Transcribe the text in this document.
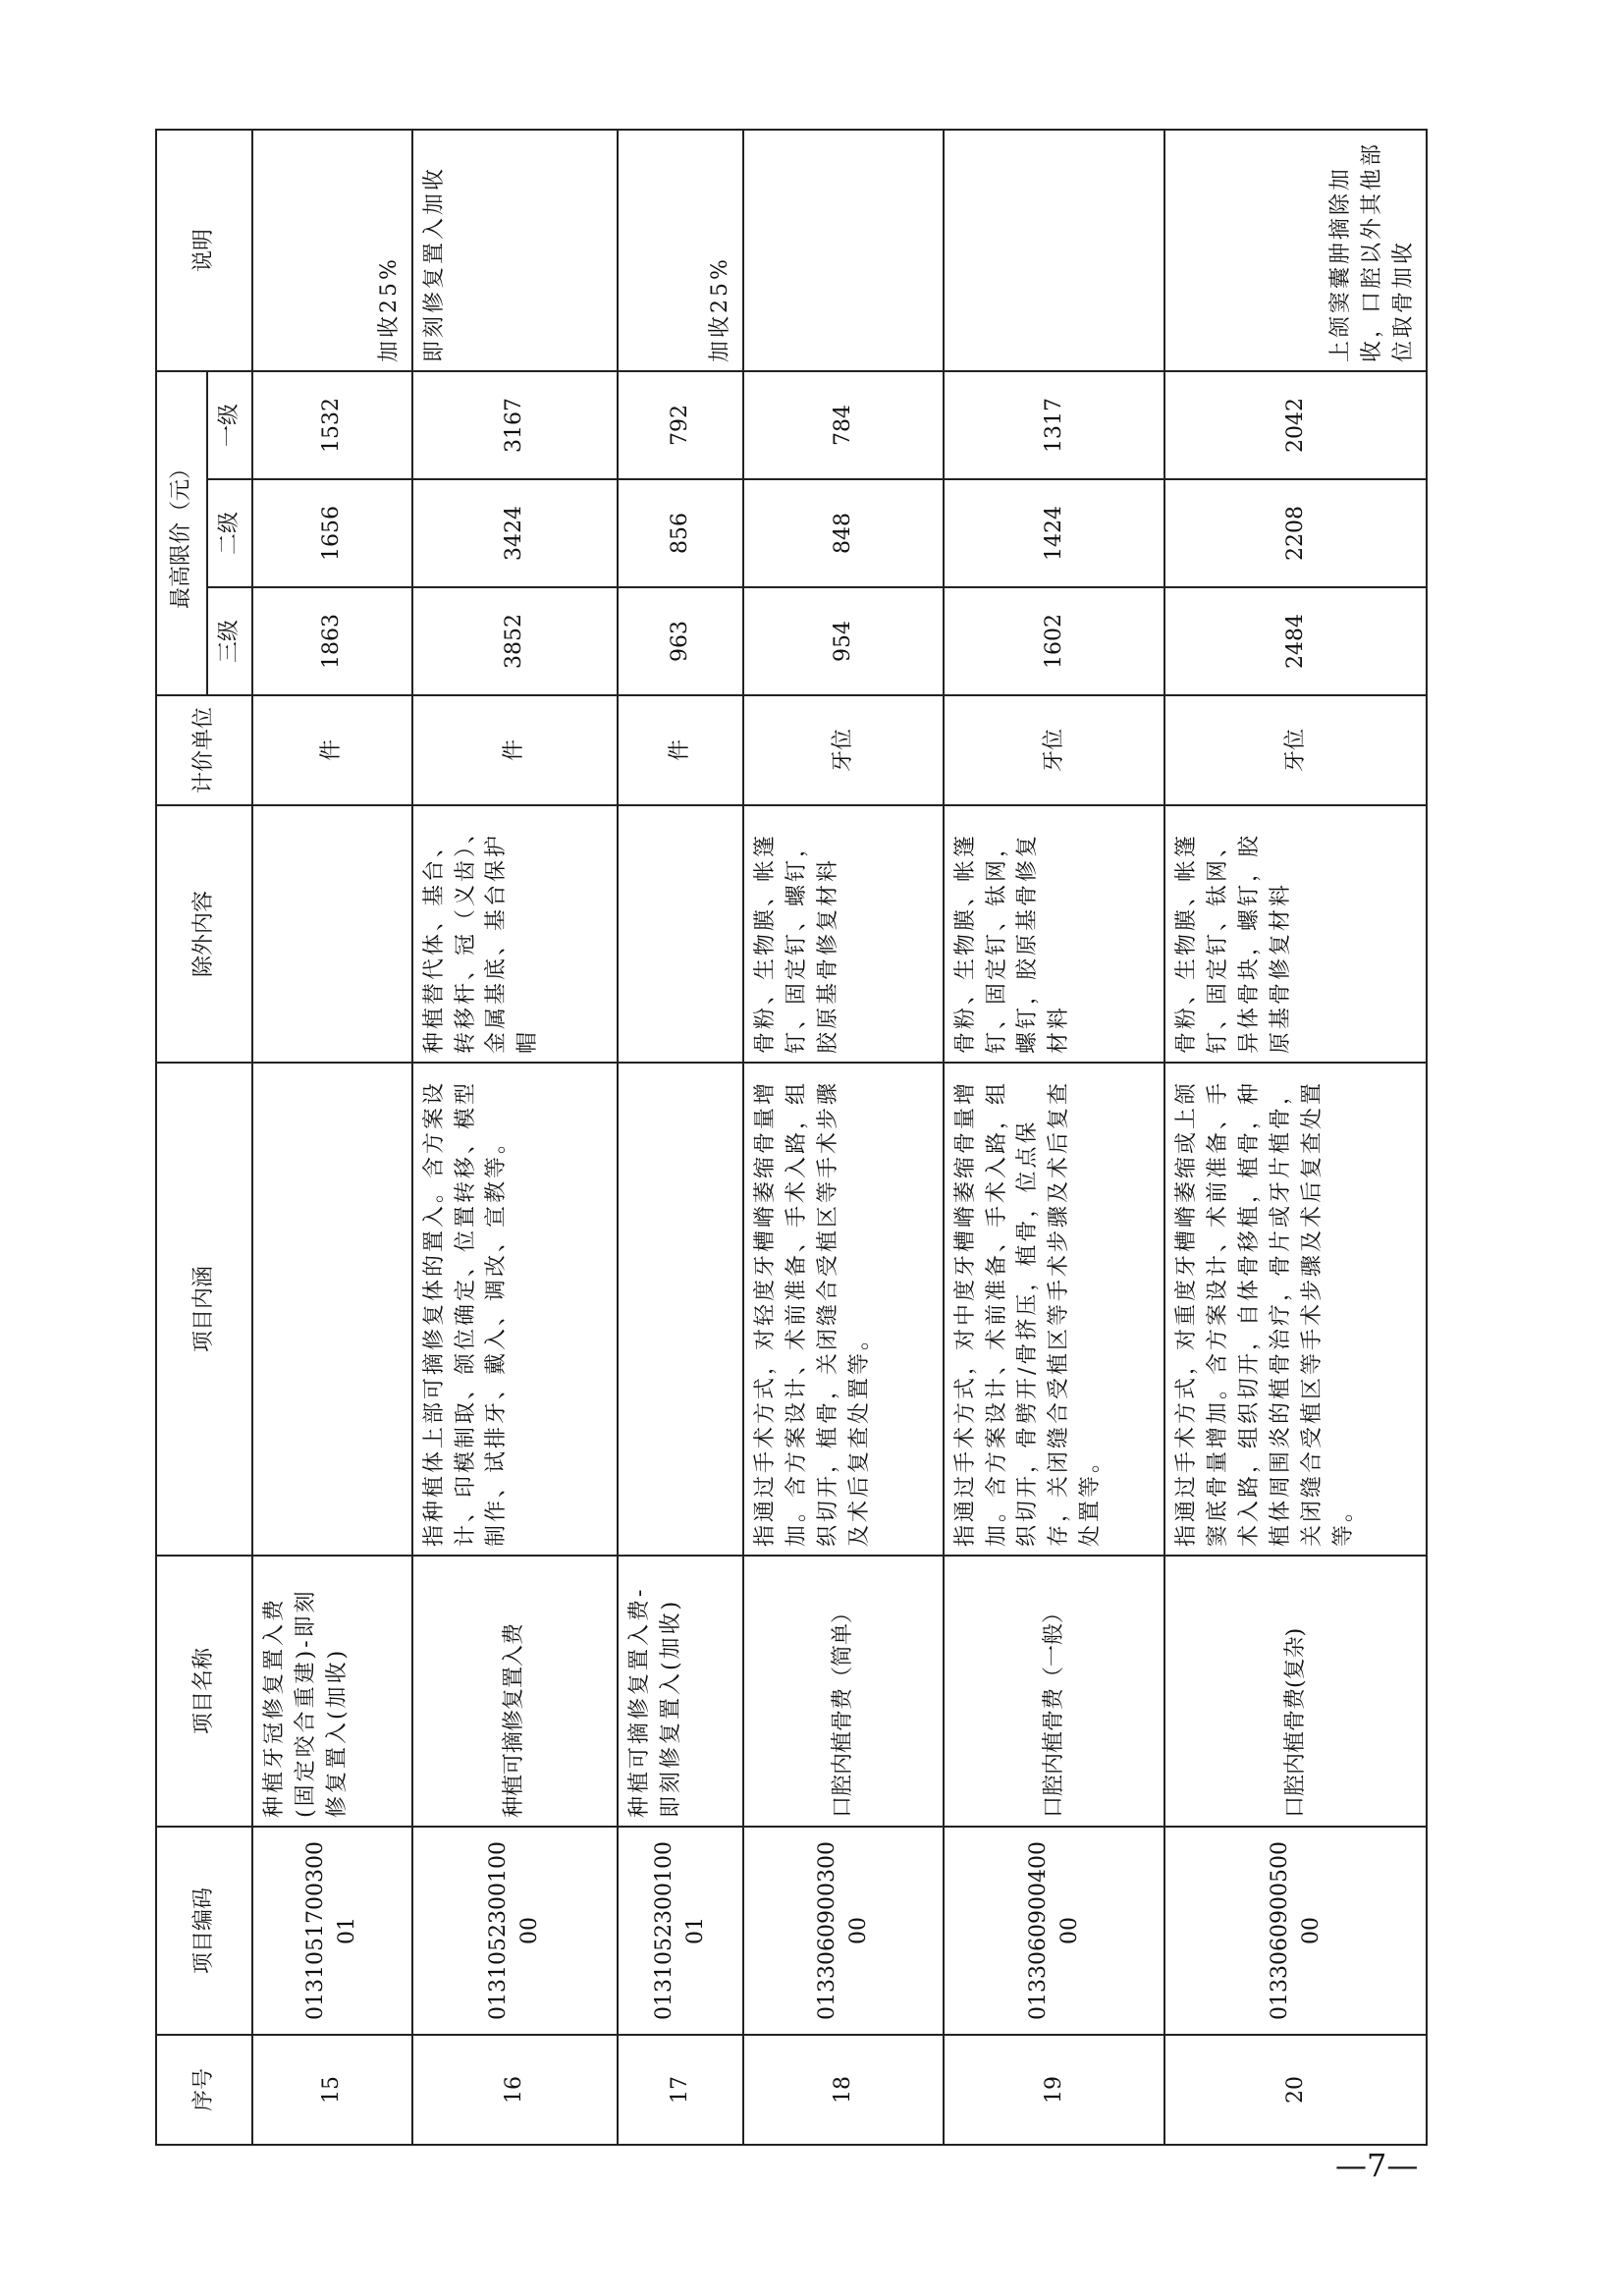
序号	项目编码	项目名称	项目内涵	除外内容	计价单位	最高限价（元）			说明
						三级	二级	一级	
15	013105170030001	种植牙冠修复置入费(固定咬合重建)-即刻修复置入(加收)			件	1863	1656	1532	加收25%
16	013105230010000	种植可摘修复置入费	指种植体上部可摘修复体的置入。含方案设计、印模制取、颌位确定、位置转移、模型制作、试排牙、戴入、调改、宣教等。	种植替代体、基台、转移杆、冠（义齿）、金属基底、基台保护帽	件	3852	3424	3167	即刻修复置入加收
17	013105230010001	种植可摘修复置入费-即刻修复置入(加收)			件	963	856	792	加收25%
18	013306090030000	口腔内植骨费（简单）	指通过手术方式，对轻度牙槽嵴萎缩骨量增加。含方案设计、术前准备、手术入路，组织切开，植骨，关闭缝合受植区等手术步骤及术后复查处置等。	骨粉、生物膜、帐篷钉、固定钉、螺钉，胶原基骨修复材料	牙位	954	848	784	
19	013306090040000	口腔内植骨费（一般）	指通过手术方式，对中度牙槽嵴萎缩骨量增加。含方案设计、术前准备、手术入路，组织切开，骨劈开/骨挤压，植骨，位点保存，关闭缝合受植区等手术步骤及术后复查处置等。	骨粉、生物膜、帐篷钉、固定钉、钛网，螺钉，胶原基骨修复材料	牙位	1602	1424	1317	
20	013306090050000	口腔内植骨费(复杂)	指通过手术方式，对重度牙槽嵴萎缩或上颌窦底骨量增加。含方案设计、术前准备、手术入路，组织切开，自体骨移植，植骨，种植体周围炎的植骨治疗，骨片或牙片植骨，关闭缝合受植区等手术步骤及术后复查处置等。	骨粉、生物膜、帐篷钉、固定钉、钛网、异体骨块，螺钉，胶原基骨修复材料	牙位	2484	2208	2042	上颌窦囊肿摘除加收，口腔以外其他部位取骨加收
—7—
